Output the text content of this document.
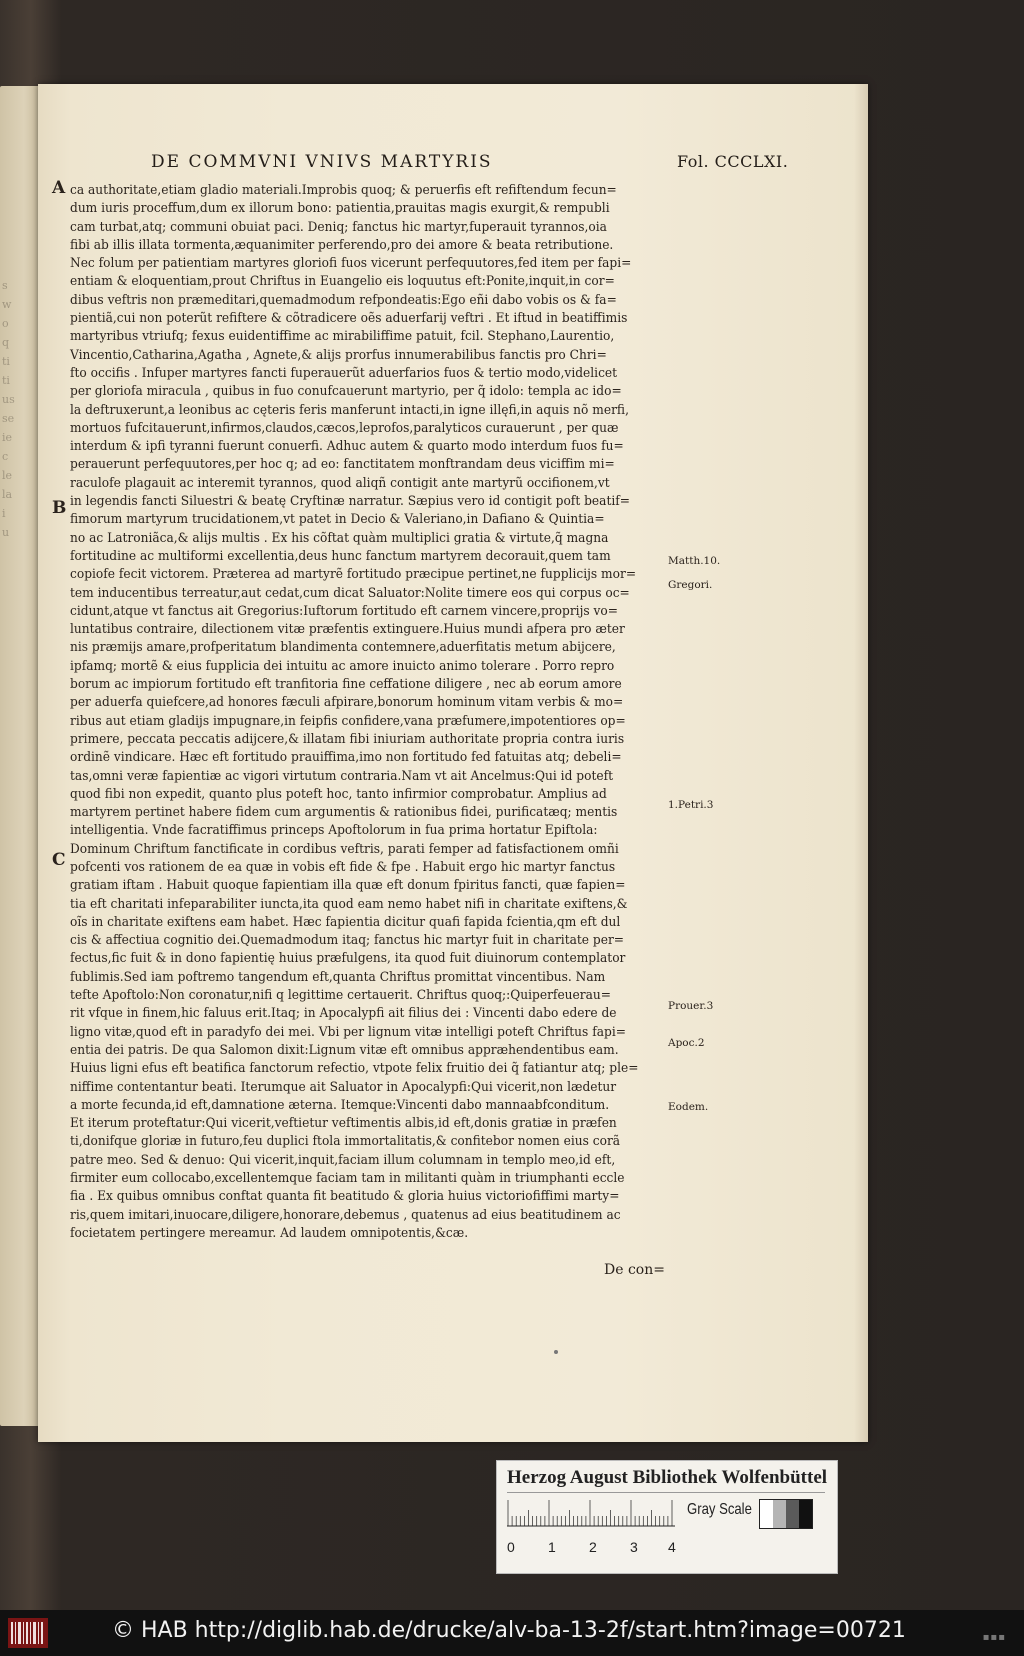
s
w
o
q
ti
ti
us
se
ie
c
le
la
i
u
DE COMMVNI VNIVS MARTYRIS	Fol. CCCLXI.
A
B
C
ca authoritate,etiam gladio materiali.Improbis quoq; & peruerfis eft refiftendum fecun=
dum iuris proceffum,dum ex illorum bono: patientia,prauitas magis exurgit,& rempubli
cam turbat,atq; communi obuiat paci. Deniq; fanctus hic martyr,fuperauit tyrannos,oia
fibi ab illis illata tormenta,æquanimiter perferendo,pro dei amore & beata retributione.
Nec folum per patientiam martyres gloriofi fuos vicerunt perfequutores,fed item per fapi=
entiam & eloquentiam,prout Chriftus in Euangelio eis loquutus eft:Ponite,inquit,in cor=
dibus veftris non præmeditari,quemadmodum refpondeatis:Ego eñi dabo vobis os & fa=
pientiã,cui non poterũt refiftere & cõtradicere oẽs aduerfarij veftri . Et iftud in beatiffimis
martyribus vtriufq; fexus euidentiffime ac mirabiliffime patuit, fcil. Stephano,Laurentio,
Vincentio,Catharina,Agatha , Agnete,& alijs prorfus innumerabilibus fanctis pro Chri=
fto occifis . Infuper martyres fancti fuperauerũt aduerfarios fuos & tertio modo,videlicet
per gloriofa miracula , quibus in fuo conufcauerunt martyrio, per q̃ idolo: templa ac ido=
la deftruxerunt,a leonibus ac cęteris feris manferunt intacti,in igne illęfi,in aquis nõ merfi,
mortuos fufcitauerunt,infirmos,claudos,cæcos,leprofos,paralyticos curauerunt , per quæ
interdum & ipfi tyranni fuerunt conuerfi. Adhuc autem & quarto modo interdum fuos fu=
perauerunt perfequutores,per hoc q; ad eo: fanctitatem monftrandam deus viciffim mi=
raculofe plagauit ac interemit tyrannos, quod aliqñ contigit ante martyrũ occifionem,vt
in legendis fancti Siluestri & beatę Cryftinæ narratur. Sæpius vero id contigit poft beatif=
fimorum martyrum trucidationem,vt patet in Decio & Valeriano,in Dafiano & Quintia=
no ac Latroniãca,& alijs multis . Ex his cõftat quàm multiplici gratia & virtute,q̃ magna
fortitudine ac multiformi excellentia,deus hunc fanctum martyrem decorauit,quem tam
copiofe fecit victorem. Præterea ad martyrẽ fortitudo præcipue pertinet,ne fupplicijs mor=
tem inducentibus terreatur,aut cedat,cum dicat Saluator:Nolite timere eos qui corpus oc=
cidunt,atque vt fanctus ait Gregorius:Iuftorum fortitudo eft carnem vincere,proprijs vo=
luntatibus contraire, dilectionem vitæ præfentis extinguere.Huius mundi afpera pro æter
nis præmijs amare,profperitatum blandimenta contemnere,aduerfitatis metum abijcere,
ipfamq; mortẽ & eius fupplicia dei intuitu ac amore inuicto animo tolerare . Porro repro
borum ac impiorum fortitudo eft tranfitoria fine ceffatione diligere , nec ab eorum amore
per aduerfa quiefcere,ad honores fæculi afpirare,bonorum hominum vitam verbis & mo=
ribus aut etiam gladijs impugnare,in feipfis confidere,vana præfumere,impotentiores op=
primere, peccata peccatis adijcere,& illatam fibi iniuriam authoritate propria contra iuris
ordinẽ vindicare. Hæc eft fortitudo prauiffima,imo non fortitudo fed fatuitas atq; debeli=
tas,omni veræ fapientiæ ac vigori virtutum contraria.Nam vt ait Ancelmus:Qui id poteft
quod fibi non expedit, quanto plus poteft hoc, tanto infirmior comprobatur. Amplius ad
martyrem pertinet habere fidem cum argumentis & rationibus fidei, purificatæq; mentis
intelligentia. Vnde facratiffimus princeps Apoftolorum in fua prima hortatur Epiftola:
Dominum Chriftum fanctificate in cordibus veftris, parati femper ad fatisfactionem omñi
pofcenti vos rationem de ea quæ in vobis eft fide & fpe . Habuit ergo hic martyr fanctus
gratiam iftam . Habuit quoque fapientiam illa quæ eft donum fpiritus fancti, quæ fapien=
tia eft charitati infeparabiliter iuncta,ita quod eam nemo habet nifi in charitate exiftens,&
oĩs in charitate exiftens eam habet. Hæc fapientia dicitur quafi fapida fcientia,qm eft dul
cis & affectiua cognitio dei.Quemadmodum itaq; fanctus hic martyr fuit in charitate per=
fectus,fic fuit & in dono fapientię huius præfulgens, ita quod fuit diuinorum contemplator
fublimis.Sed iam poftremo tangendum eft,quanta Chriftus promittat vincentibus. Nam
tefte Apoftolo:Non coronatur,nifi q legittime certauerit. Chriftus quoq;:Quiperfeuerau=
rit vfque in finem,hic faluus erit.Itaq; in Apocalypfi ait filius dei : Vincenti dabo edere de
ligno vitæ,quod eft in paradyfo dei mei. Vbi per lignum vitæ intelligi poteft Chriftus fapi=
entia dei patris. De qua Salomon dixit:Lignum vitæ eft omnibus appræhendentibus eam.
Huius ligni efus eft beatifica fanctorum refectio, vtpote felix fruitio dei q̃ fatiantur atq; ple=
niffime contentantur beati. Iterumque ait Saluator in Apocalypfi:Qui vicerit,non lædetur
a morte fecunda,id eft,damnatione æterna. Itemque:Vincenti dabo mannaabfconditum.
Et iterum proteftatur:Qui vicerit,veftietur veftimentis albis,id eft,donis gratiæ in præfen
ti,donifque gloriæ in futuro,feu duplici ftola immortalitatis,& confitebor nomen eius corã
patre meo. Sed & denuo: Qui vicerit,inquit,faciam illum columnam in templo meo,id eft,
firmiter eum collocabo,excellentemque faciam tam in militanti quàm in triumphanti eccle
fia . Ex quibus omnibus conftat quanta fit beatitudo & gloria huius victoriofiffimi marty=
ris,quem imitari,inuocare,diligere,honorare,debemus , quatenus ad eius beatitudinem ac
focietatem pertingere mereamur. Ad laudem omnipotentis,&cæ.
Matth.10.
Gregori.
1.Petri.3
Prouer.3
Apoc.2
Eodem.
De con=
Herzog August Bibliothek Wolfenbüttel
0 1 2 3 4
Gray Scale
© HAB http://diglib.hab.de/drucke/alv-ba-13-2f/start.htm?image=00721	▪▪▪
